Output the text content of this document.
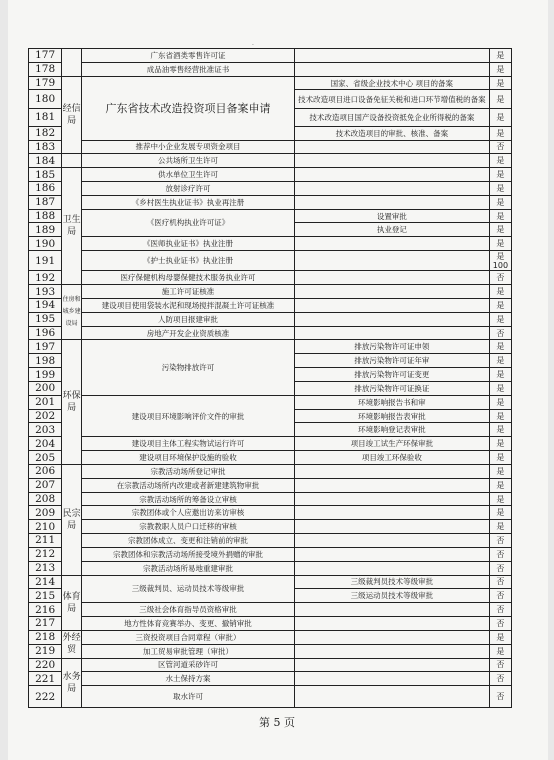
.
177		广东省酒类零售许可证		是
178		成品油零售经营批准证书		是
179	经信局	广东省技术改造投资项目备案申请	国家、省级企业技术中心 项目的备案	是
180			技术改造项目进口设备免征关税和进口环节增值税的备案	是
181			技术改造项目国产设备投资抵免企业所得税的备案	是
182			技术改造项目的审批、核准、备案	是
183		推荐中小企业发展专项资金项目		否
184		公共场所卫生许可		是
185	卫生局	供水单位卫生许可		是
186		放射诊疗许可		是
187		《乡村医生执业证书》执业再注册		是
188		《医疗机构执业许可证》	设置审批	是
189			执业登记	是
190		《医师执业证书》执业注册		是
191		《护士执业证书》执业注册		是 100
192		医疗保健机构母婴保健技术服务执业许可		否
193	住房和城乡建设局	施工许可证核准		是
194		建设项目使用袋装水泥和现场搅拌混凝土许可证核准		是
195		人防项目报建审批		是
196		房地产开发企业资质核准		否
197	环保局	污染物排放许可	排放污染物许可证申领	是
198			排放污染物许可证年审	是
199			排放污染物许可证变更	是
200			排放污染物许可证换证	是
201		建设项目环境影响评价文件的审批	环境影响报告书和审	是
202			环境影响报告表审批	是
203			环境影响登记表审批	是
204		建设项目主体工程实物试运行许可	项目竣工试生产环保审批	是
205		建设项目环境保护设施的验收	项目竣工环保验收	是
206	民宗局	宗教活动场所登记审批		是
207		在宗教活动场所内改建或者新建建筑物审批		是
208		宗教活动场所的筹备设立审核		是
209		宗教团体或个人应邀出访来访审核		是
210		宗教教职人员户口迁移的审核		是
211		宗教团体成立、变更和注销前的审批		否
212		宗教团体和宗教活动场所接受境外捐赠的审批		否
213		宗教活动场所易地重建审批		否
214	体育局	三级裁判员、运动员技术等级审批	三级裁判员技术等级审批	否
215			三级运动员技术等级审批	否
216		三级社会体育指导员资格审批		否
217		地方性体育竞赛举办、变更、撤销审批		否
218	外经贸	三资投资项目合同章程（审批）		是
219		加工贸易审批管理（审批）		是
220	水务局	区管河道采砂许可		否
221		水土保持方案		否
222		取水许可		否
第 5 页
